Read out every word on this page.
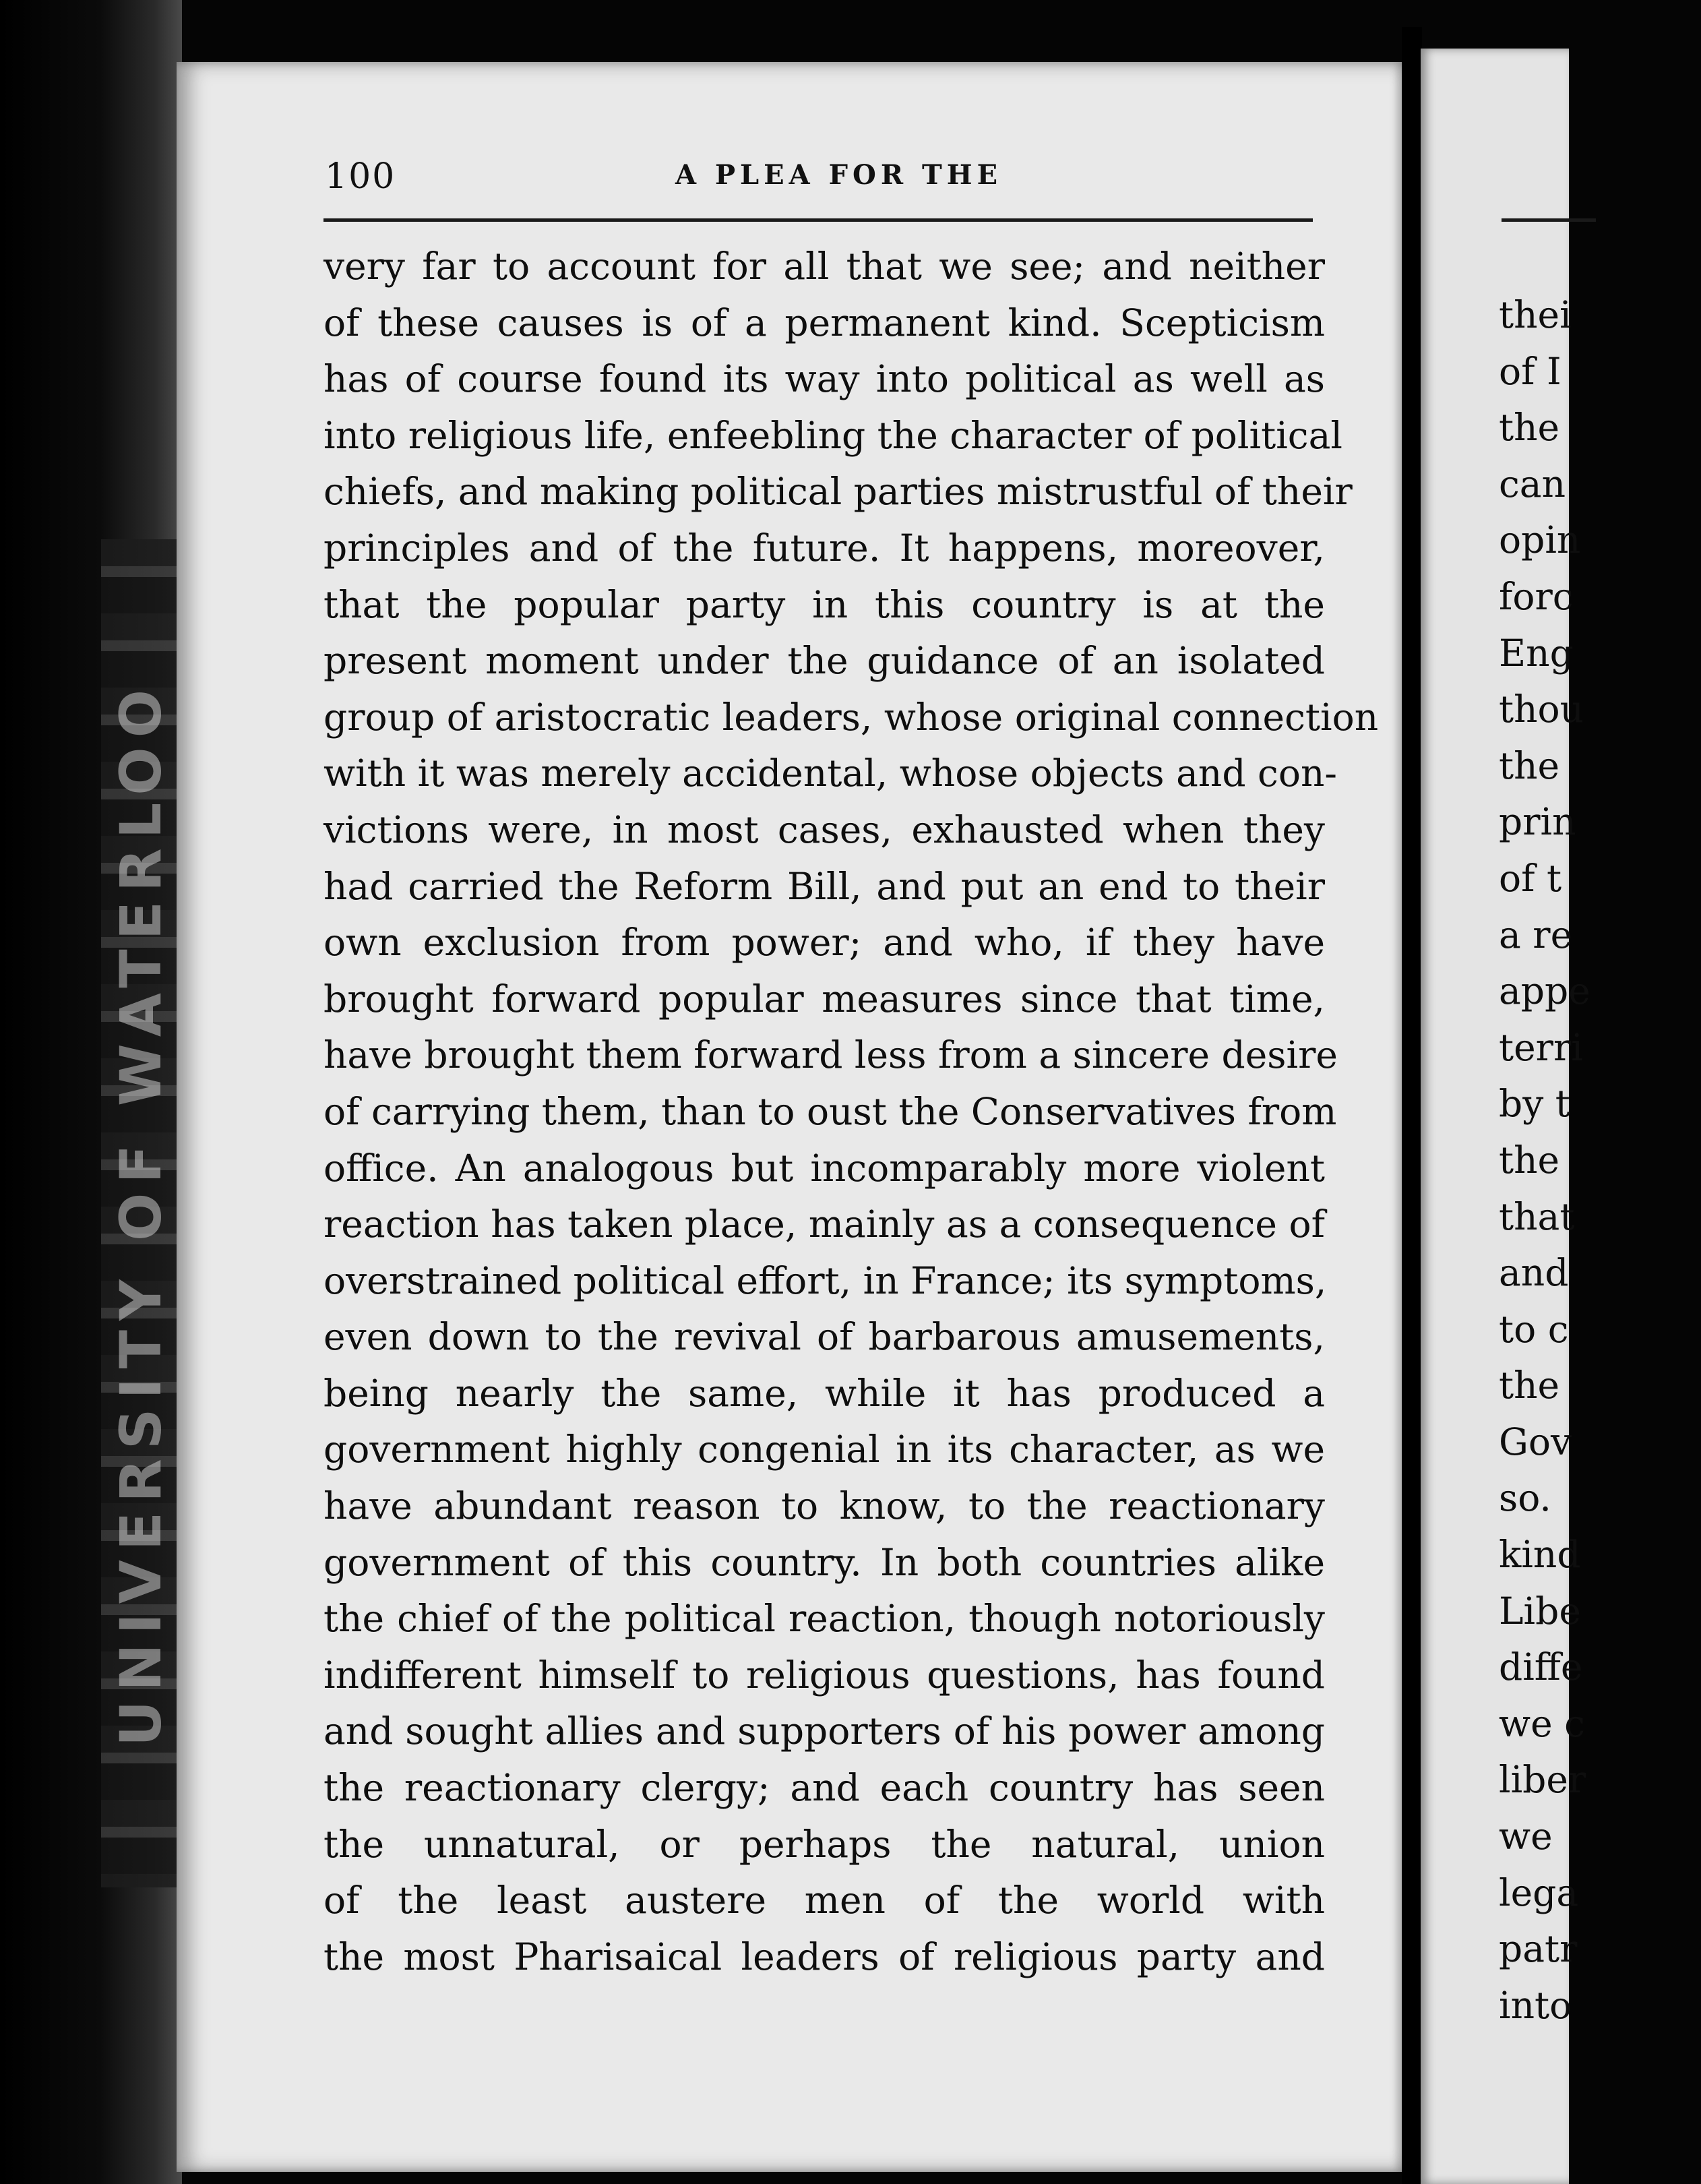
UNIVERSITY OF WATERLOO
thei
of I
the
can
opin
forc
Eng
thou
the
prin
of t
a re
appe
terri
by t
the
that
and
to c
the
Gov
so.
kind
Libe
diffe
we c
liber
we
lega
patr
into
100	A PLEA FOR THE
very far to account for all that we see; and neither
of these causes is of a permanent kind. Scepticism
has of course found its way into political as well as
into religious life, enfeebling the character of political
chiefs, and making political parties mistrustful of their
principles and of the future. It happens, moreover,
that the popular party in this country is at the
present moment under the guidance of an isolated
group of aristocratic leaders, whose original connection
with it was merely accidental, whose objects and con-
victions were, in most cases, exhausted when they
had carried the Reform Bill, and put an end to their
own exclusion from power; and who, if they have
brought forward popular measures since that time,
have brought them forward less from a sincere desire
of carrying them, than to oust the Conservatives from
office. An analogous but incomparably more violent
reaction has taken place, mainly as a consequence of
overstrained political effort, in France; its symptoms,
even down to the revival of barbarous amusements,
being nearly the same, while it has produced a
government highly congenial in its character, as we
have abundant reason to know, to the reactionary
government of this country. In both countries alike
the chief of the political reaction, though notoriously
indifferent himself to religious questions, has found
and sought allies and supporters of his power among
the reactionary clergy; and each country has seen
the unnatural, or perhaps the natural, union
of the least austere men of the world with
the most Pharisaical leaders of religious party and
